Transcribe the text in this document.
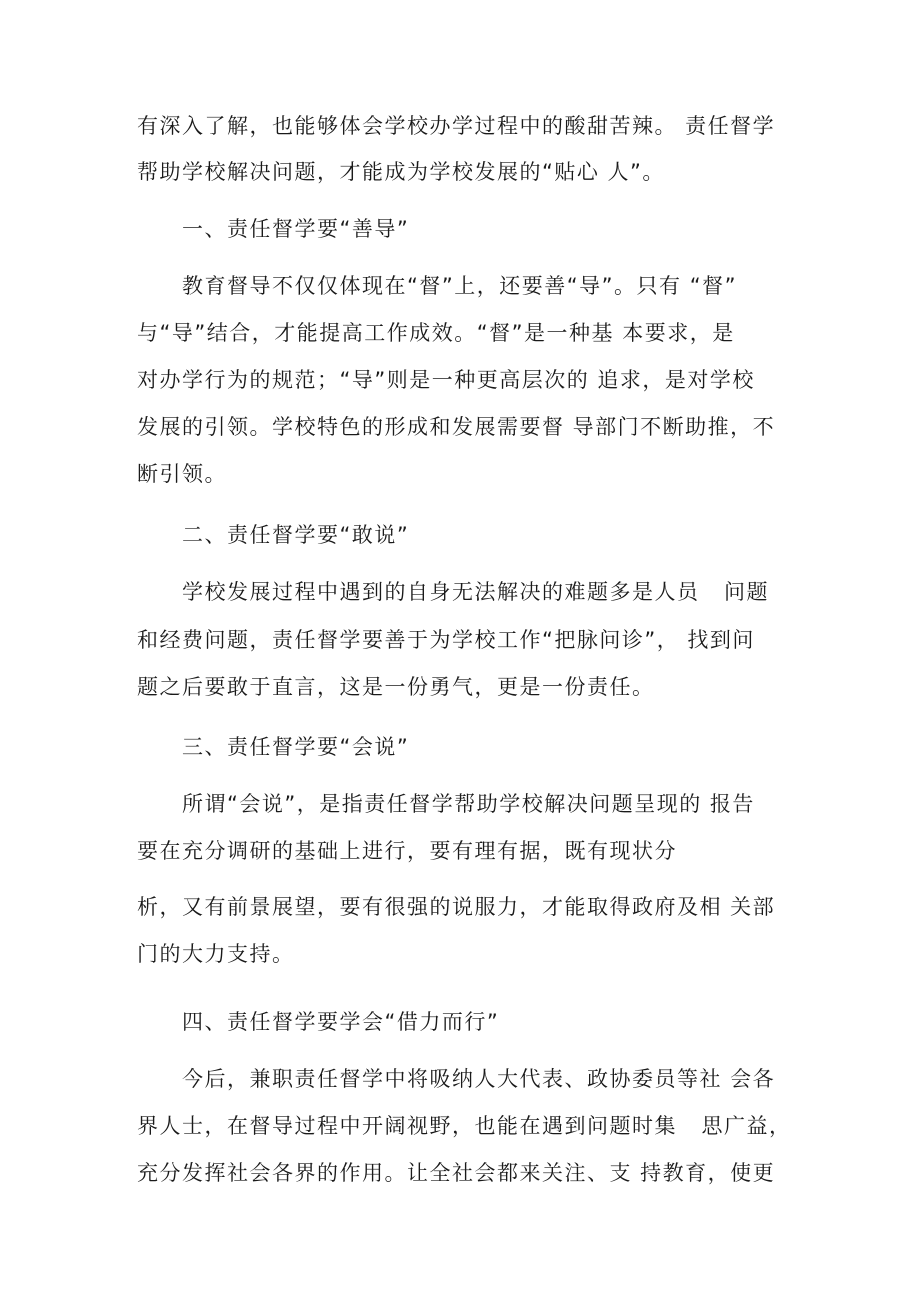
有深入了解，也能够体会学校办学过程中的酸甜苦辣。 责任督学
帮助学校解决问题，才能成为学校发展的“贴心 人”。
一、责任督学要“善导”
教育督导不仅仅体现在“督”上，还要善“导”。只有 “督”
与“导”结合，才能提高工作成效。“督”是一种基 本要求，是
对办学行为的规范；“导”则是一种更高层次的 追求，是对学校
发展的引领。学校特色的形成和发展需要督 导部门不断助推，不
断引领。
二、责任督学要“敢说”
学校发展过程中遇到的自身无法解决的难题多是人员   问题
和经费问题，责任督学要善于为学校工作“把脉问诊”， 找到问
题之后要敢于直言，这是一份勇气，更是一份责任。
三、责任督学要“会说”
所谓“会说”，是指责任督学帮助学校解决问题呈现的 报告
要在充分调研的基础上进行，要有理有据，既有现状分
析，又有前景展望，要有很强的说服力，才能取得政府及相 关部
门的大力支持。
四、责任督学要学会“借力而行”
今后，兼职责任督学中将吸纳人大代表、政协委员等社 会各
界人士，在督导过程中开阔视野，也能在遇到问题时集   思广益，
充分发挥社会各界的作用。让全社会都来关注、支 持教育，使更
